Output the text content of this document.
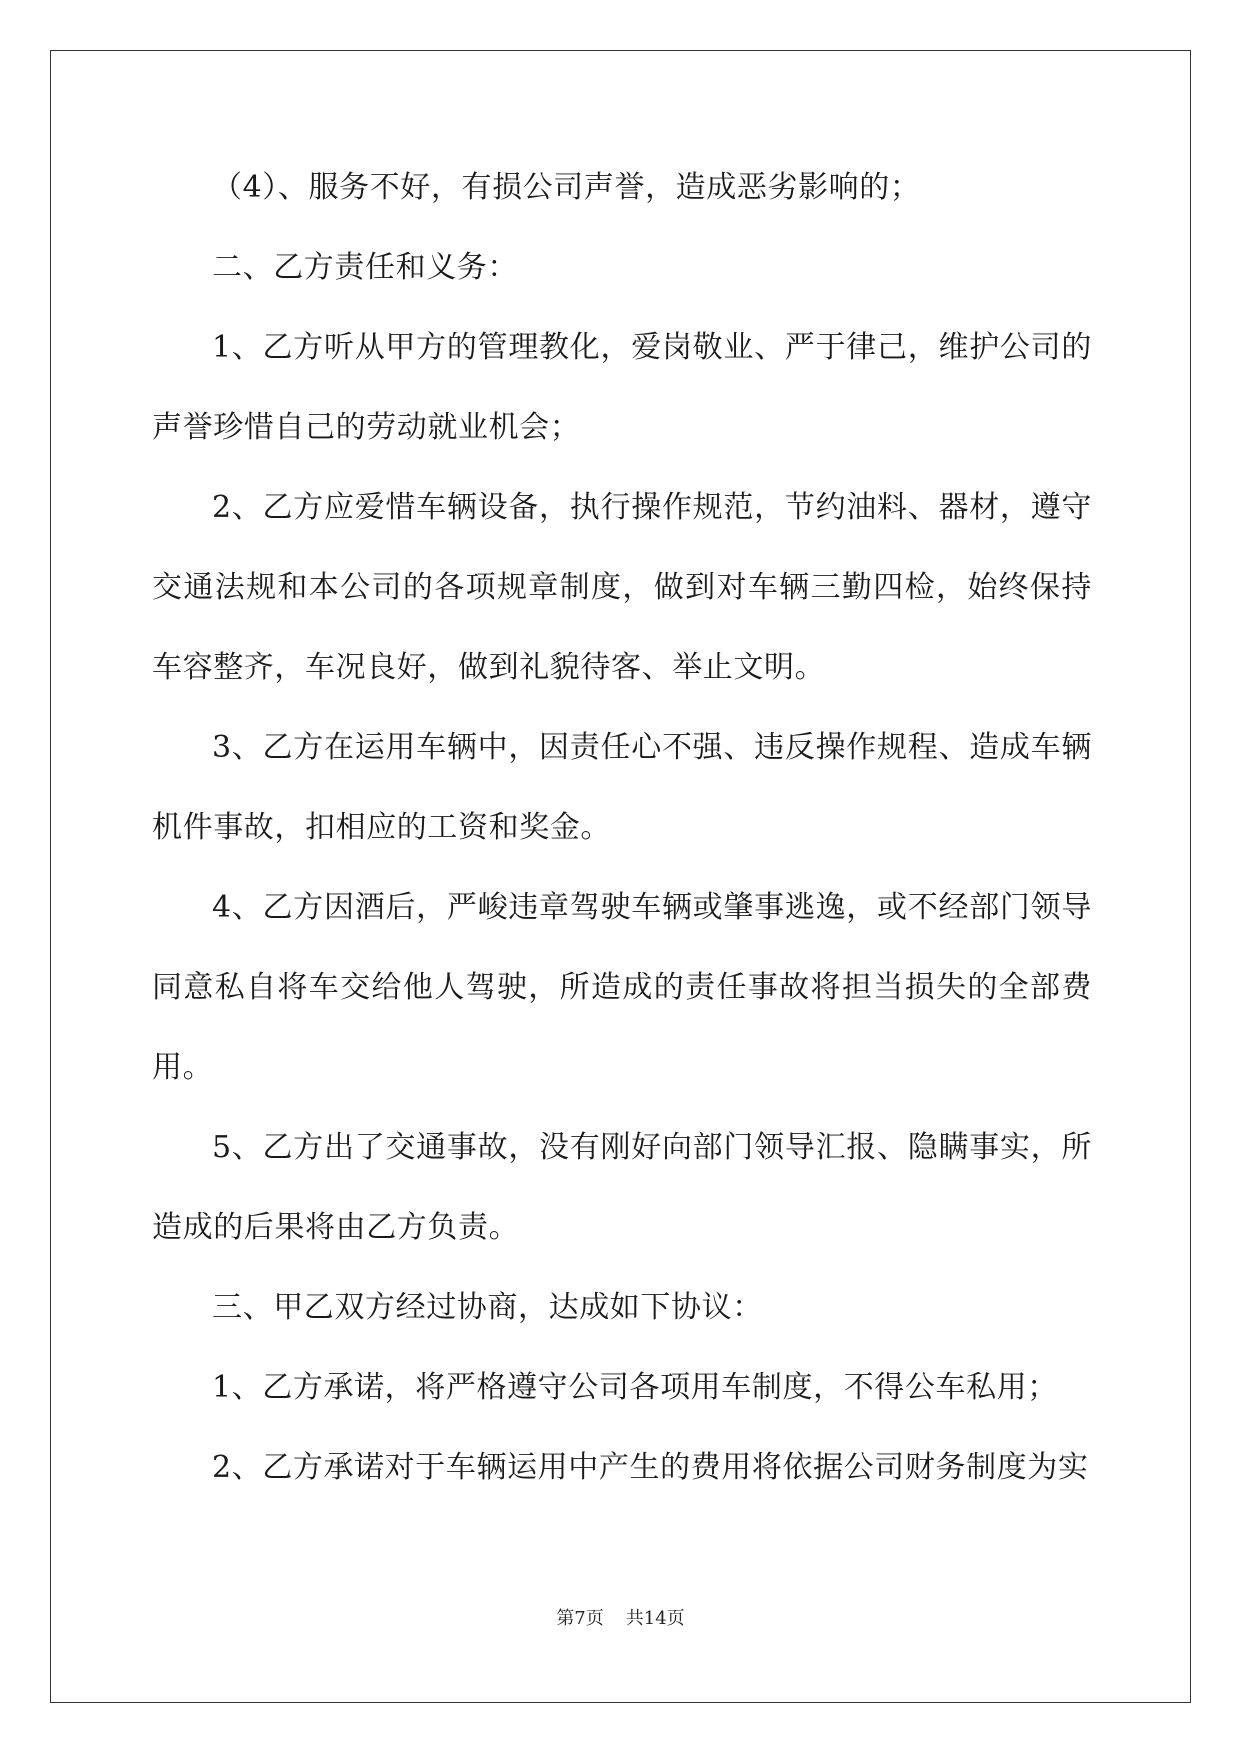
（4）、服务不好，有损公司声誉，造成恶劣影响的；

二、乙方责任和义务：

1、乙方听从甲方的管理教化，爱岗敬业、严于律己，维护公司的声誉珍惜自己的劳动就业机会；

2、乙方应爱惜车辆设备，执行操作规范，节约油料、器材，遵守交通法规和本公司的各项规章制度，做到对车辆三勤四检，始终保持车容整齐，车况良好，做到礼貌待客、举止文明。

3、乙方在运用车辆中，因责任心不强、违反操作规程、造成车辆机件事故，扣相应的工资和奖金。

4、乙方因酒后，严峻违章驾驶车辆或肇事逃逸，或不经部门领导同意私自将车交给他人驾驶，所造成的责任事故将担当损失的全部费用。

5、乙方出了交通事故，没有刚好向部门领导汇报、隐瞒事实，所造成的后果将由乙方负责。

三、甲乙双方经过协商，达成如下协议：

1、乙方承诺，将严格遵守公司各项用车制度，不得公车私用；

2、乙方承诺对于车辆运用中产生的费用将依据公司财务制度为实

第7页 共14页
